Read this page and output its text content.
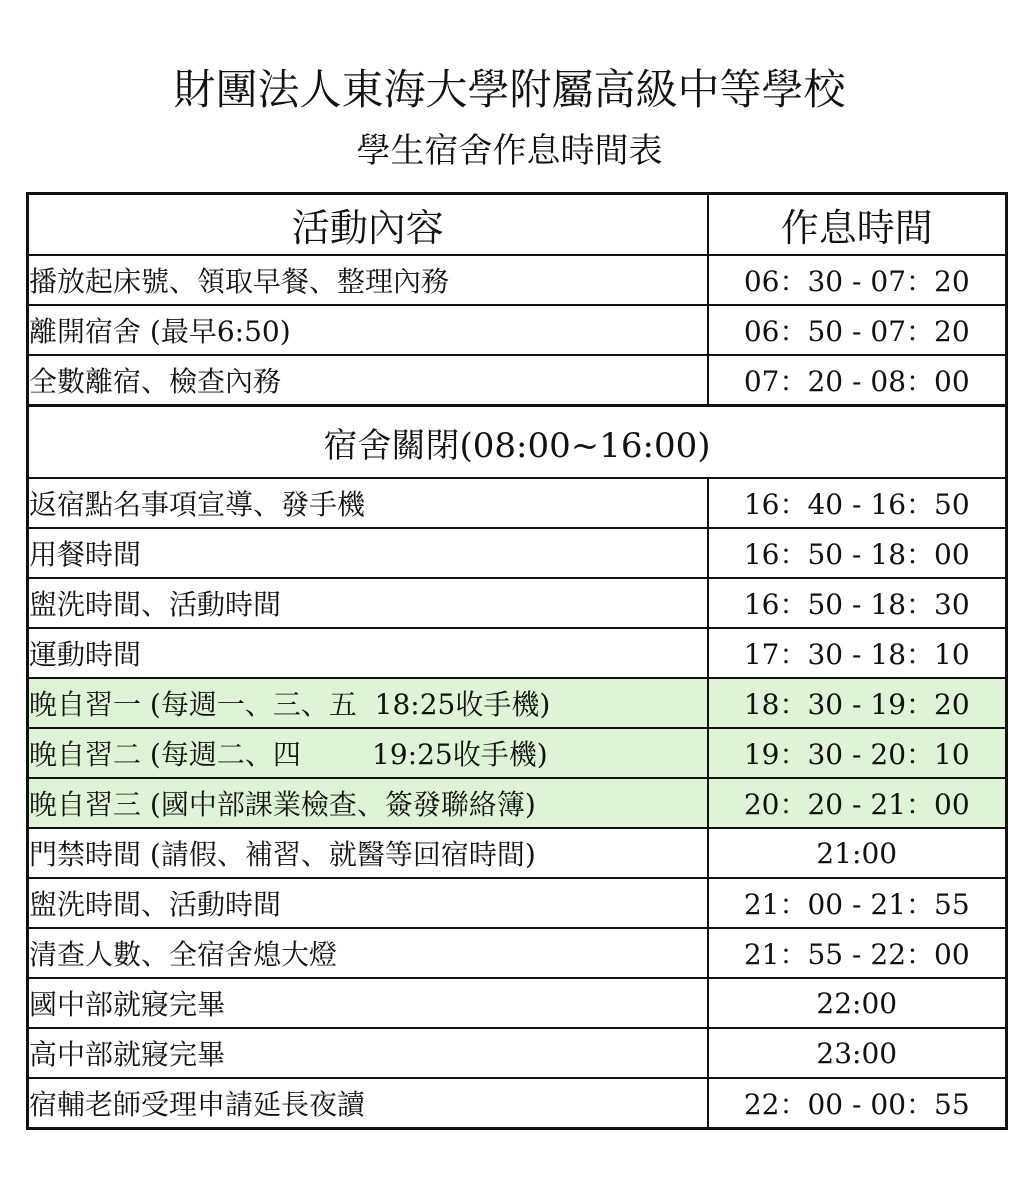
財團法人東海大學附屬高級中等學校
學生宿舍作息時間表
活動內容	作息時間
播放起床號、領取早餐、整理內務	06：30 - 07：20
離開宿舍 (最早6:50)	06：50 - 07：20
全數離宿、檢查內務	07：20 - 08：00
宿舍關閉(08:00~16:00)	
返宿點名事項宣導、發手機	16：40 - 16：50
用餐時間	16：50 - 18：00
盥洗時間、活動時間	16：50 - 18：30
運動時間	17：30 - 18：10
晚自習一 (每週一、三、五  18:25收手機)	18：30 - 19：20
晚自習二 (每週二、四        19:25收手機)	19：30 - 20：10
晚自習三 (國中部課業檢查、簽發聯絡簿)	20：20 - 21：00
門禁時間 (請假、補習、就醫等回宿時間)	21:00
盥洗時間、活動時間	21：00 - 21：55
清查人數、全宿舍熄大燈	21：55 - 22：00
國中部就寢完畢	22:00
高中部就寢完畢	23:00
宿輔老師受理申請延長夜讀	22：00 - 00：55
